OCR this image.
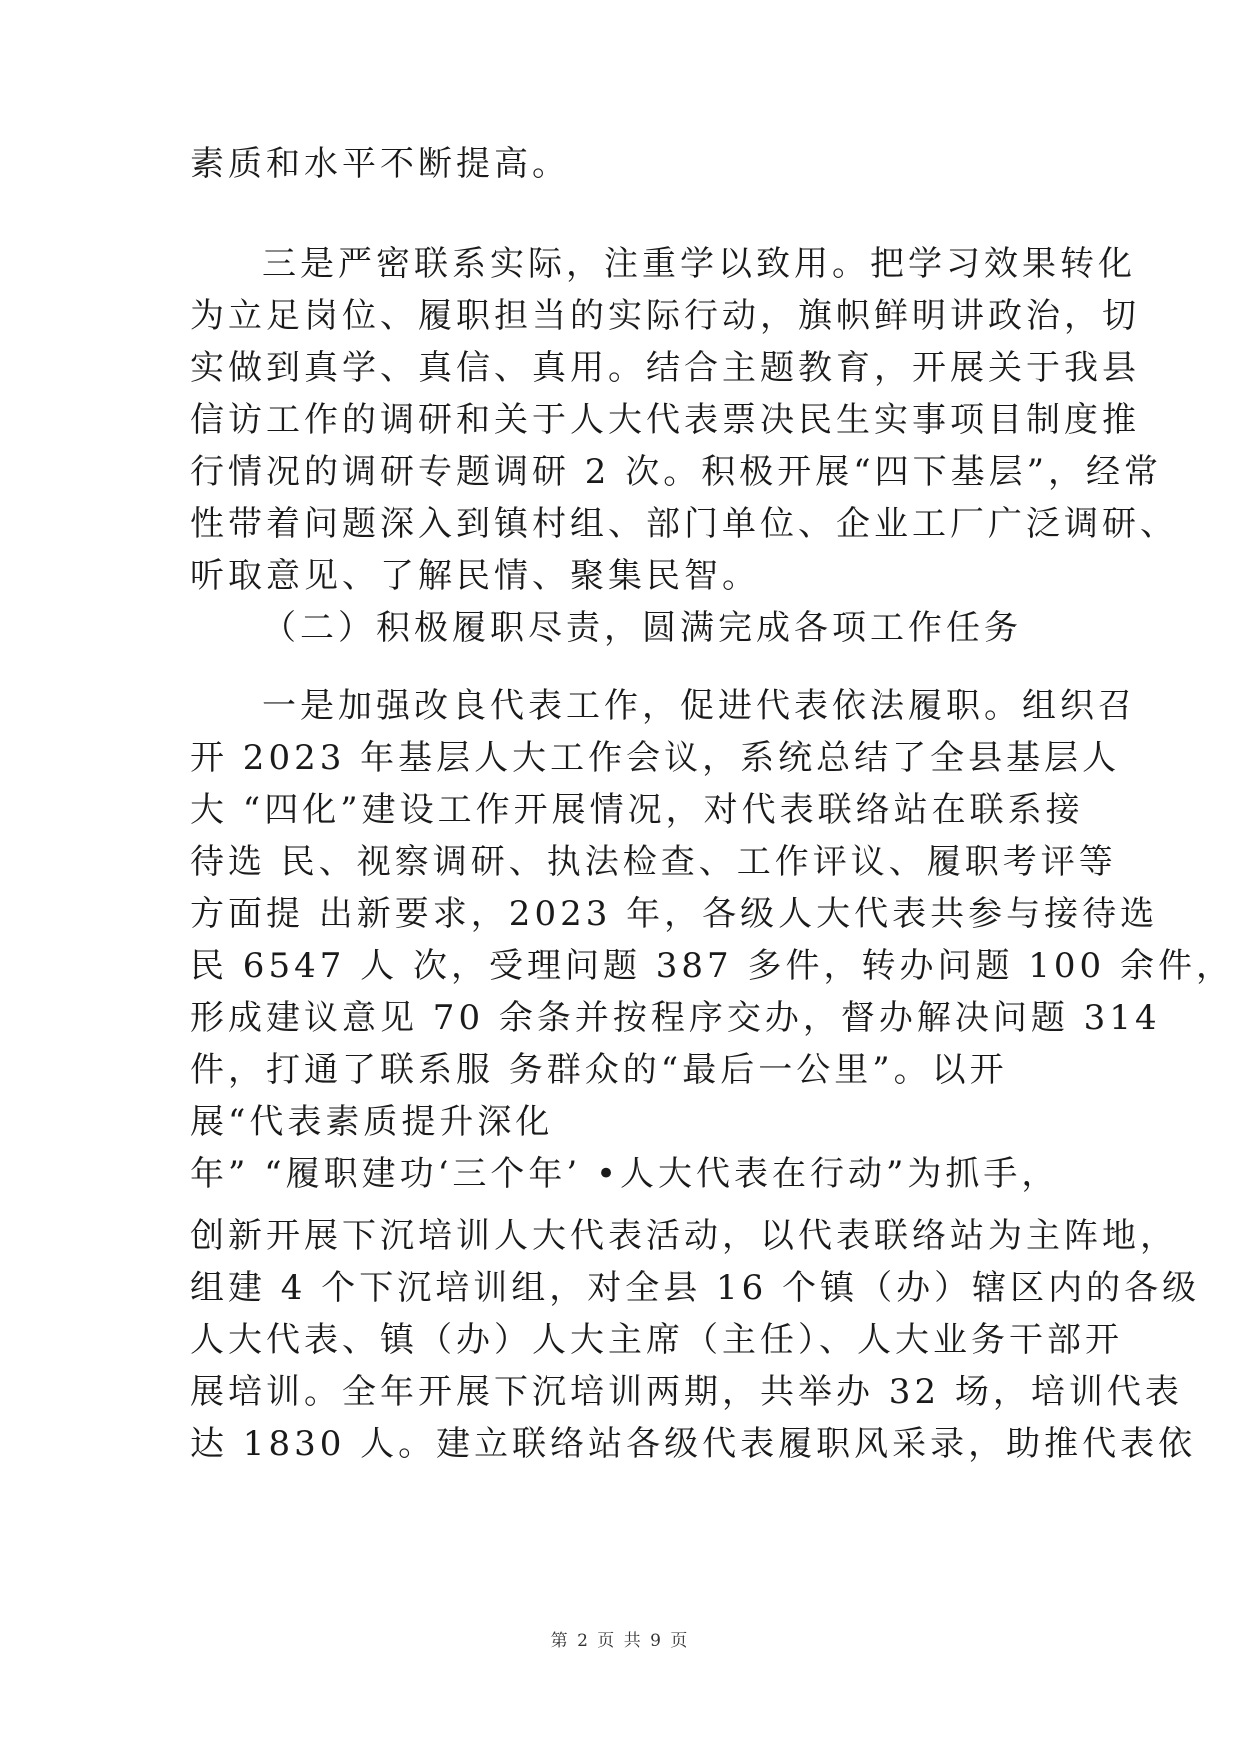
素质和水平不断提高。

三是严密联系实际，注重学以致用。把学习效果转化

为立足岗位、履职担当的实际行动，旗帜鲜明讲政治，切

实做到真学、真信、真用。结合主题教育，开展关于我县

信访工作的调研和关于人大代表票决民生实事项目制度推

行情况的调研专题调研 2 次。积极开展“四下基层”，经常

性带着问题深入到镇村组、部门单位、企业工厂广泛调研、

听取意见、了解民情、聚集民智。

（二）积极履职尽责，圆满完成各项工作任务

一是加强改良代表工作，促进代表依法履职。组织召

开 2023 年基层人大工作会议，系统总结了全县基层人

大 “四化”建设工作开展情况，对代表联络站在联系接

待选 民、视察调研、执法检查、工作评议、履职考评等

方面提 出新要求，2023 年，各级人大代表共参与接待选

民 6547 人 次，受理问题 387 多件，转办问题 100 余件，

形成建议意见 70 余条并按程序交办，督办解决问题 314

件，打通了联系服 务群众的“最后一公里”。以开

展“代表素质提升深化

年” “履职建功‘三个年’ •人大代表在行动”为抓手，

创新开展下沉培训人大代表活动，以代表联络站为主阵地，

组建 4 个下沉培训组，对全县 16 个镇（办）辖区内的各级

人大代表、镇（办）人大主席（主任）、人大业务干部开

展培训。全年开展下沉培训两期，共举办 32 场，培训代表

达 1830 人。建立联络站各级代表履职风采录，助推代表依

第 2 页 共 9 页
